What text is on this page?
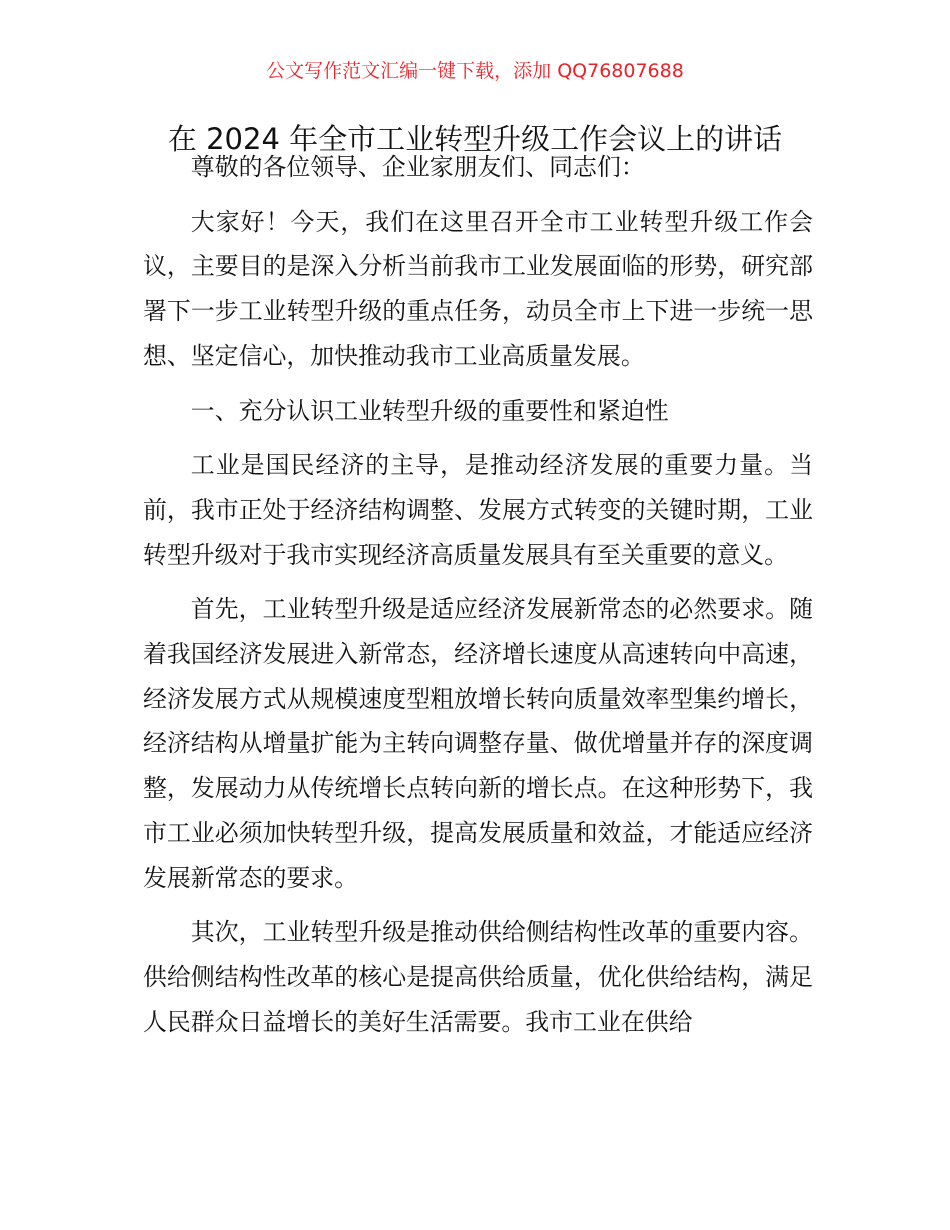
公文写作范文汇编一键下载，添加 QQ76807688
在 2024 年全市工业转型升级工作会议上的讲话

尊敬的各位领导、企业家朋友们、同志们：

大家好！今天，我们在这里召开全市工业转型升级工作会议，主要目的是深入分析当前我市工业发展面临的形势，研究部署下一步工业转型升级的重点任务，动员全市上下进一步统一思想、坚定信心，加快推动我市工业高质量发展。

一、充分认识工业转型升级的重要性和紧迫性

工业是国民经济的主导，是推动经济发展的重要力量。当前，我市正处于经济结构调整、发展方式转变的关键时期，工业转型升级对于我市实现经济高质量发展具有至关重要的意义。

首先，工业转型升级是适应经济发展新常态的必然要求。随着我国经济发展进入新常态，经济增长速度从高速转向中高速，经济发展方式从规模速度型粗放增长转向质量效率型集约增长，经济结构从增量扩能为主转向调整存量、做优增量并存的深度调整，发展动力从传统增长点转向新的增长点。在这种形势下，我市工业必须加快转型升级，提高发展质量和效益，才能适应经济发展新常态的要求。

其次，工业转型升级是推动供给侧结构性改革的重要内容。供给侧结构性改革的核心是提高供给质量，优化供给结构，满足人民群众日益增长的美好生活需要。我市工业在供给
